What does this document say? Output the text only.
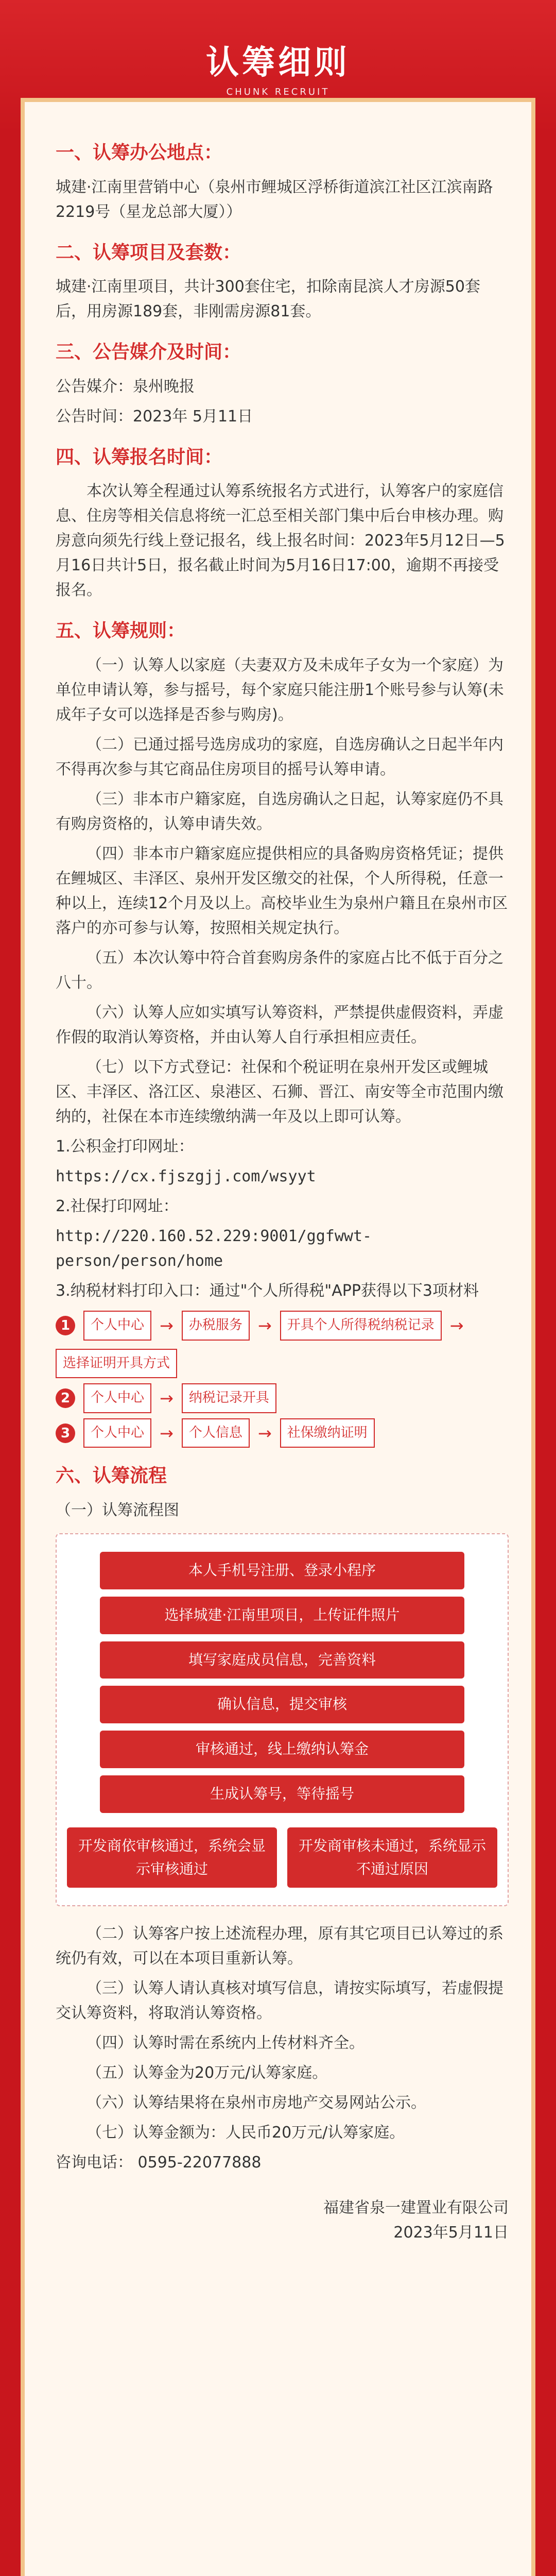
认筹细则
CHUNK RECRUIT
一、认筹办公地点：

城建·江南里营销中心（泉州市鲤城区浮桥街道滨江社区江滨南路2219号（星龙总部大厦））

二、认筹项目及套数：

城建·江南里项目，共计300套住宅，扣除南昆滨人才房源50套后，用房源189套，非刚需房源81套。

三、公告媒介及时间：

公告媒介：泉州晚报

公告时间：2023年 5月11日

四、认筹报名时间：

本次认筹全程通过认筹系统报名方式进行，认筹客户的家庭信息、住房等相关信息将统一汇总至相关部门集中后台申核办理。购房意向须先行线上登记报名，线上报名时间：2023年5月12日—5月16日共计5日，报名截止时间为5月16日17:00，逾期不再接受报名。

五、认筹规则：

（一）认筹人以家庭（夫妻双方及未成年子女为一个家庭）为单位申请认筹，参与摇号，每个家庭只能注册1个账号参与认筹(未成年子女可以选择是否参与购房)。

（二）已通过摇号选房成功的家庭，自选房确认之日起半年内不得再次参与其它商品住房项目的摇号认筹申请。

（三）非本市户籍家庭，自选房确认之日起，认筹家庭仍不具有购房资格的，认筹申请失效。

（四）非本市户籍家庭应提供相应的具备购房资格凭证；提供在鲤城区、丰泽区、泉州开发区缴交的社保，个人所得税，任意一种以上，连续12个月及以上。高校毕业生为泉州户籍且在泉州市区落户的亦可参与认筹，按照相关规定执行。

（五）本次认筹中符合首套购房条件的家庭占比不低于百分之八十。

（六）认筹人应如实填写认筹资料，严禁提供虚假资料，弄虚作假的取消认筹资格，并由认筹人自行承担相应责任。

（七）以下方式登记：社保和个税证明在泉州开发区或鲤城区、丰泽区、洛江区、泉港区、石狮、晋江、南安等全市范围内缴纳的，社保在本市连续缴纳满一年及以上即可认筹。

1.公积金打印网址：

https://cx.fjszgjj.com/wsyyt

2.社保打印网址：

http://220.160.52.229:9001/ggfwwt-person/person/home

3.纳税材料打印入口：通过"个人所得税"APP获得以下3项材料

1	个人中心 →	办税服务 →	开具个人所得税纳税记录 →
选择证明开具方式
2	个人中心 →	纳税记录开具
3	个人中心 →	个人信息 →	社保缴纳证明
六、认筹流程

（一）认筹流程图

本人手机号注册、登录小程序
选择城建·江南里项目，上传证件照片
填写家庭成员信息，完善资料
确认信息，提交审核
审核通过，线上缴纳认筹金
生成认筹号，等待摇号
开发商依审核通过，系统会显示审核通过
开发商审核未通过，系统显示不通过原因

（二）认筹客户按上述流程办理，原有其它项目已认筹过的系统仍有效，可以在本项目重新认筹。

（三）认筹人请认真核对填写信息，请按实际填写，若虚假提交认筹资料，将取消认筹资格。

（四）认筹时需在系统内上传材料齐全。

（五）认筹金为20万元/认筹家庭。

（六）认筹结果将在泉州市房地产交易网站公示。

（七）认筹金额为：人民币20万元/认筹家庭。

咨询电话： 0595-22077888

福建省泉一建置业有限公司
2023年5月11日
